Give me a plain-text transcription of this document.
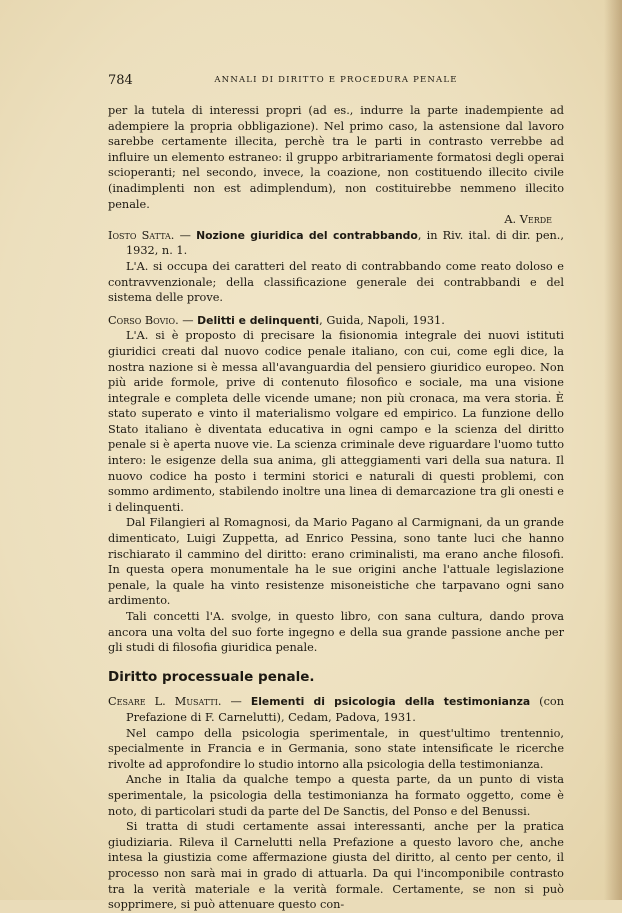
784	ANNALI DI DIRITTO E PROCEDURA PENALE

per la tutela di interessi propri (ad es., indurre la parte inadempiente ad adempiere la propria obbligazione). Nel primo caso, la astensione dal lavoro sarebbe certamente illecita, perchè tra le parti in contrasto verrebbe ad influire un elemento estraneo: il gruppo arbitrariamente formatosi degli operai scioperanti; nel secondo, invece, la coazione, non costituendo illecito civile (inadimplenti non est adimplendum), non costituirebbe nemmeno illecito penale.

A. Verde

Iosto Satta. — Nozione giuridica del contrabbando, in Riv. ital. di dir. pen., 1932, n. 1.

L'A. si occupa dei caratteri del reato di contrabbando come reato doloso e contravvenzionale; della classificazione generale dei contrabbandi e del sistema delle prove.

Corso Bovio. — Delitti e delinquenti, Guida, Napoli, 1931.

L'A. si è proposto di precisare la fisionomia integrale dei nuovi istituti giuridici creati dal nuovo codice penale italiano, con cui, come egli dice, la nostra nazione si è messa all'avanguardia del pensiero giuridico europeo. Non più aride formole, prive di contenuto filosofico e sociale, ma una visione integrale e completa delle vicende umane; non più cronaca, ma vera storia. È stato superato e vinto il materialismo volgare ed empirico. La funzione dello Stato italiano è diventata educativa in ogni campo e la scienza del diritto penale si è aperta nuove vie. La scienza criminale deve riguardare l'uomo tutto intero: le esigenze della sua anima, gli atteggiamenti vari della sua natura. Il nuovo codice ha posto i termini storici e naturali di questi problemi, con sommo ardimento, stabilendo inoltre una linea di demarcazione tra gli onesti e i delinquenti.

Dal Filangieri al Romagnosi, da Mario Pagano al Carmignani, da un grande dimenticato, Luigi Zuppetta, ad Enrico Pessina, sono tante luci che hanno rischiarato il cammino del diritto: erano criminalisti, ma erano anche filosofi. In questa opera monumentale ha le sue origini anche l'attuale legislazione penale, la quale ha vinto resistenze misoneistiche che tarpavano ogni sano ardimento.

Tali concetti l'A. svolge, in questo libro, con sana cultura, dando prova ancora una volta del suo forte ingegno e della sua grande passione anche per gli studi di filosofia giuridica penale.

Diritto processuale penale.

Cesare L. Musatti. — Elementi di psicologia della testimonianza (con Prefazione di F. Carnelutti), Cedam, Padova, 1931.

Nel campo della psicologia sperimentale, in quest'ultimo trentennio, specialmente in Francia e in Germania, sono state intensificate le ricerche rivolte ad approfondire lo studio intorno alla psicologia della testimonianza.

Anche in Italia da qualche tempo a questa parte, da un punto di vista sperimentale, la psicologia della testimonianza ha formato oggetto, come è noto, di particolari studi da parte del De Sanctis, del Ponso e del Benussi.

Si tratta di studi certamente assai interessanti, anche per la pratica giudiziaria. Rileva il Carnelutti nella Prefazione a questo lavoro che, anche intesa la giustizia come affermazione giusta del diritto, al cento per cento, il processo non sarà mai in grado di attuarla. Da qui l'incomponibile contrasto tra la verità materiale e la verità formale. Certamente, se non si può sopprimere, si può attenuare questo con-
